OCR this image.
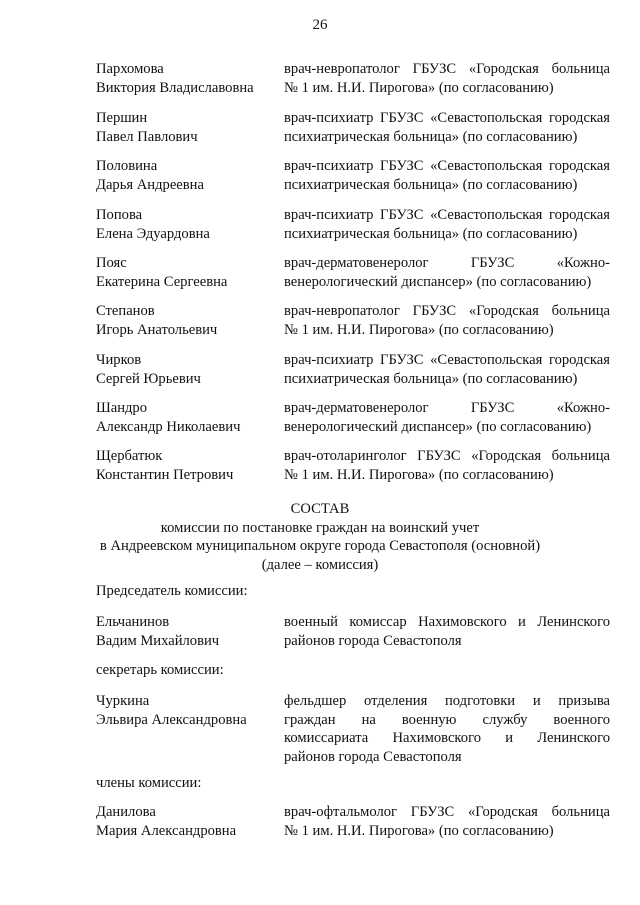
26
Пархомова
Виктория Владиславовна
врач-невропатолог ГБУЗС «Городская больница
№ 1 им. Н.И. Пирогова» (по согласованию)
Першин
Павел Павлович
врач-психиатр ГБУЗС «Севастопольская городская
психиатрическая больница» (по согласованию)
Половина
Дарья Андреевна
врач-психиатр ГБУЗС «Севастопольская городская
психиатрическая больница» (по согласованию)
Попова
Елена Эдуардовна
врач-психиатр ГБУЗС «Севастопольская городская
психиатрическая больница» (по согласованию)
Пояс
Екатерина Сергеевна
врач-дерматовенеролог ГБУЗС «Кожно-
венерологический диспансер» (по согласованию)
Степанов
Игорь Анатольевич
врач-невропатолог ГБУЗС «Городская больница
№ 1 им. Н.И. Пирогова» (по согласованию)
Чирков
Сергей Юрьевич
врач-психиатр ГБУЗС «Севастопольская городская
психиатрическая больница» (по согласованию)
Шандро
Александр Николаевич
врач-дерматовенеролог ГБУЗС «Кожно-
венерологический диспансер» (по согласованию)
Щербатюк
Константин Петрович
врач-отоларинголог ГБУЗС «Городская больница
№ 1 им. Н.И. Пирогова» (по согласованию)
СОСТАВ
комиссии по постановке граждан на воинский учет
в Андреевском муниципальном округе города Севастополя (основной)
(далее – комиссия)
Председатель комиссии:
Ельчанинов
Вадим Михайлович
военный комиссар Нахимовского и Ленинского
районов города Севастополя
секретарь комиссии:
Чуркина
Эльвира Александровна
фельдшер отделения подготовки и призыва
граждан на военную службу военного
комиссариата Нахимовского и Ленинского
районов города Севастополя
члены комиссии:
Данилова
Мария Александровна
врач-офтальмолог ГБУЗС «Городская больница
№ 1 им. Н.И. Пирогова» (по согласованию)
